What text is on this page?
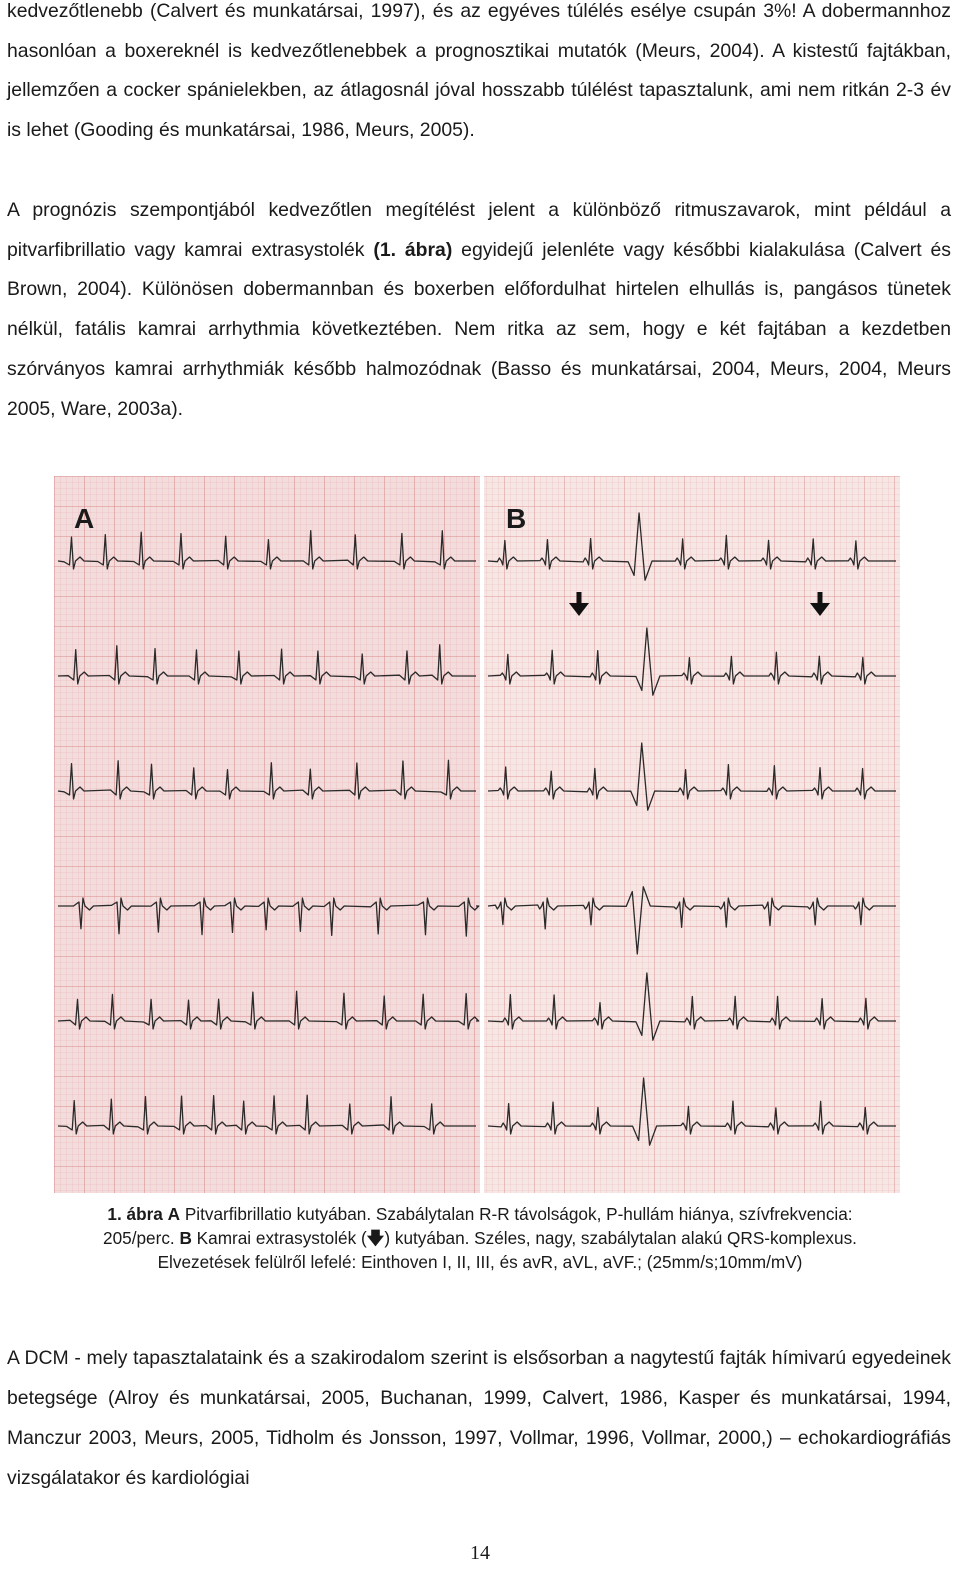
kedvezőtlenebb (Calvert és munkatársai, 1997), és az egyéves túlélés esélye csupán 3%! A dobermannhoz hasonlóan a boxereknél is kedvezőtlenebbek a prognosztikai mutatók (Meurs, 2004). A kistestű fajtákban, jellemzően a cocker spánielekben, az átlagosnál jóval hosszabb túlélést tapasztalunk, ami nem ritkán 2-3 év is lehet (Gooding és munkatársai, 1986, Meurs, 2005).

A prognózis szempontjából kedvezőtlen megítélést jelent a különböző ritmuszavarok, mint például a pitvarfibrillatio vagy kamrai extrasystolék (1. ábra) egyidejű jelenléte vagy későbbi kialakulása (Calvert és Brown, 2004). Különösen dobermannban és boxerben előfordulhat hirtelen elhullás is, pangásos tünetek nélkül, fatális kamrai arrhythmia következtében. Nem ritka az sem, hogy e két fajtában a kezdetben szórványos kamrai arrhythmiák később halmozódnak (Basso és munkatársai, 2004, Meurs, 2004, Meurs 2005, Ware, 2003a).

A	B
1. ábra A Pitvarfibrillatio kutyában. Szabálytalan R-R távolságok, P-hullám hiánya, szívfrekvencia:
205/perc. B Kamrai extrasystolék (🡇) kutyában. Széles, nagy, szabálytalan alakú QRS-komplexus.
Elvezetések felülről lefelé: Einthoven I, II, III, és avR, aVL, aVF.; (25mm/s;10mm/mV)

A DCM - mely tapasztalataink és a szakirodalom szerint is elsősorban a nagytestű fajták hímivarú egyedeinek betegsége (Alroy és munkatársai, 2005, Buchanan, 1999, Calvert, 1986, Kasper és munkatársai, 1994, Manczur 2003, Meurs, 2005, Tidholm és Jonsson, 1997, Vollmar, 1996, Vollmar, 2000,) – echokardiográfiás vizsgálatakor és kardiológiai

14
